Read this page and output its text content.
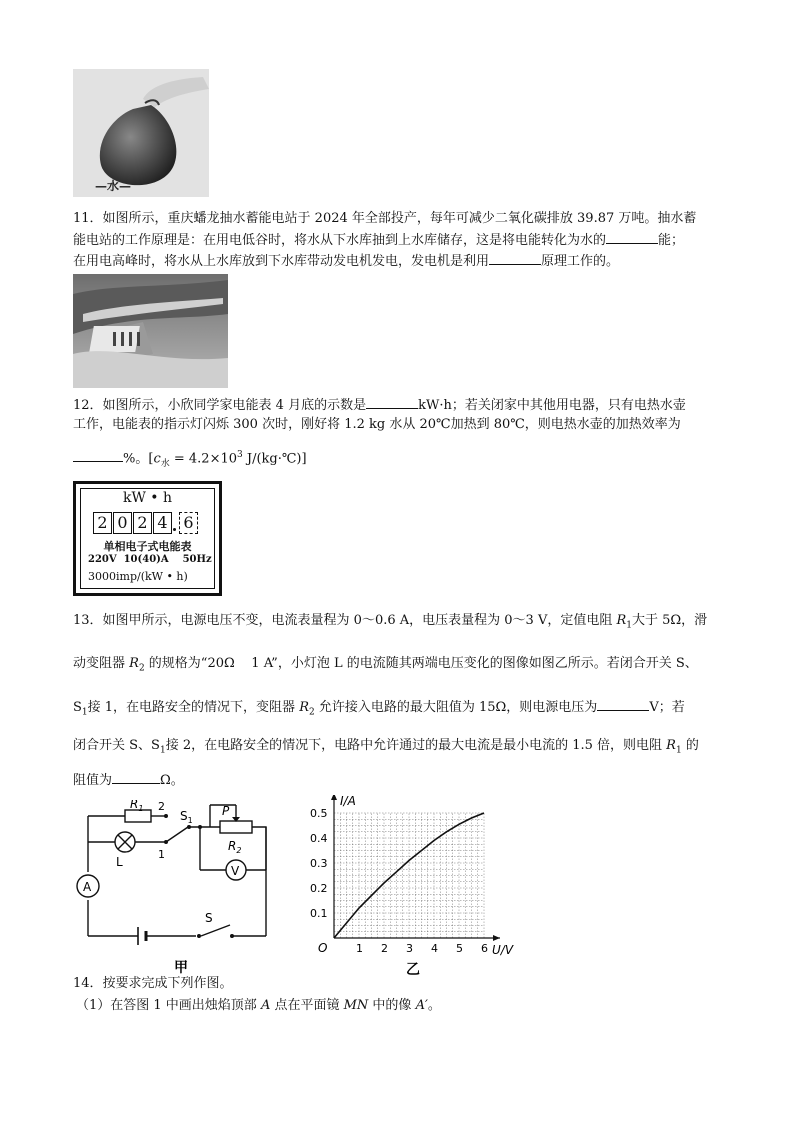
—水—
11．如图所示，重庆蟠龙抽水蓄能电站于 2024 年全部投产，每年可减少二氧化碳排放 39.87 万吨。抽水蓄
能电站的工作原理是：在用电低谷时，将水从下水库抽到上水库储存，这是将电能转化为水的	能；
在用电高峰时，将水从上水库放到下水库带动发电机发电，发电机是利用	原理工作的。
12．如图所示，小欣同学家电能表 4 月底的示数是	kW·h；若关闭家中其他用电器，只有电热水壶
工作，电能表的指示灯闪烁 300 次时，刚好将 1.2 kg 水从 20℃加热到 80℃，则电热水壶的加热效率为
%。[$c_水 = 4.2\times 10^3$ J/(kg·℃)]
kW • h
2 0 2 4 6
单相电子式电能表
220V  10(40)A    50Hz
3000imp/(kW • h)
13．如图甲所示，电源电压不变，电流表量程为 0～0.6 A，电压表量程为 0～3 V，定值电阻 $R_1$大于 5Ω，滑
动变阻器 $R_2$ 的规格为“20Ω    1 A”，小灯泡 L 的电流随其两端电压变化的图像如图乙所示。若闭合开关 S、
$S_1$接 1，在电路安全的情况下，变阻器 $R_2$ 允许接入电路的最大阻值为 15Ω，则电源电压为	V；若
闭合开关 S、$S_1$接 2，在电路安全的情况下，电路中允许通过的最大电流是最小电流的 1.5 倍，则电阻 $R_1$ 的
阻值为	Ω。
$R_1$ 2
1
$S_1$
P
$R_2$
L
A
V
S
甲
1 2 3 4 5 6
0.1
0.2
0.3
0.4
0.5
I/A
U/V
O
乙
14．按要求完成下列作图。
（1）在答图 1 中画出烛焰顶部 A 点在平面镜 MN 中的像 A′。
